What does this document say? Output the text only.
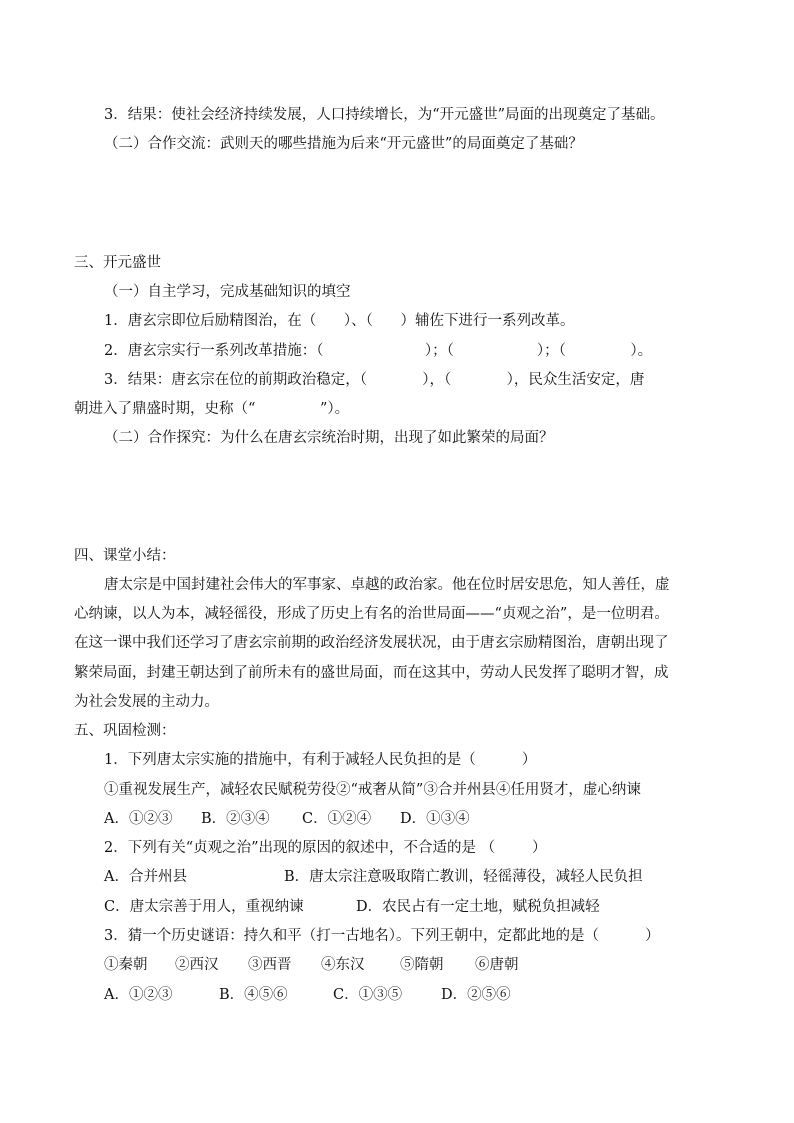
3．结果：使社会经济持续发展，人口持续增长，为“开元盛世”局面的出现奠定了基础。
（二）合作交流：武则天的哪些措施为后来“开元盛世”的局面奠定了基础？
三、开元盛世
（一）自主学习，完成基础知识的填空
1．唐玄宗即位后励精图治，在（      ）、（      ）辅佐下进行一系列改革。
2．唐玄宗实行一系列改革措施：（                      ）；（                  ）；（              ）。
3．结果：唐玄宗在位的前期政治稳定，（            ），（            ），民众生活安定，唐
朝进入了鼎盛时期，史称（“              ”）。
（二）合作探究：为什么在唐玄宗统治时期，出现了如此繁荣的局面？
四、课堂小结：
唐太宗是中国封建社会伟大的军事家、卓越的政治家。他在位时居安思危，知人善任，虚
心纳谏，以人为本，减轻徭役，形成了历史上有名的治世局面——“贞观之治”，是一位明君。
在这一课中我们还学习了唐玄宗前期的政治经济发展状况，由于唐玄宗励精图治，唐朝出现了
繁荣局面，封建王朝达到了前所未有的盛世局面，而在这其中，劳动人民发挥了聪明才智，成
为社会发展的主动力。
五、巩固检测：
1．下列唐太宗实施的措施中，有利于减轻人民负担的是（          ）
①重视发展生产，减轻农民赋税劳役②“戒奢从简”③合并州县④任用贤才，虚心纳谏
A．①②③ B．②③④ C．①②④ D．①③④
2．下列有关“贞观之治”出现的原因的叙述中，不合适的是 （        ）
A．合并州县	B．唐太宗注意吸取隋亡教训，轻徭薄役，减轻人民负担
C．唐太宗善于用人，重视纳谏	D．农民占有一定土地，赋税负担减轻
3．猜一个历史谜语：持久和平（打一古地名）。下列王朝中，定都此地的是（          ）
①秦朝 ②西汉 ③西晋 ④东汉 ⑤隋朝 ⑥唐朝
A．①②③	B．④⑤⑥	C．①③⑤	D．②⑤⑥
